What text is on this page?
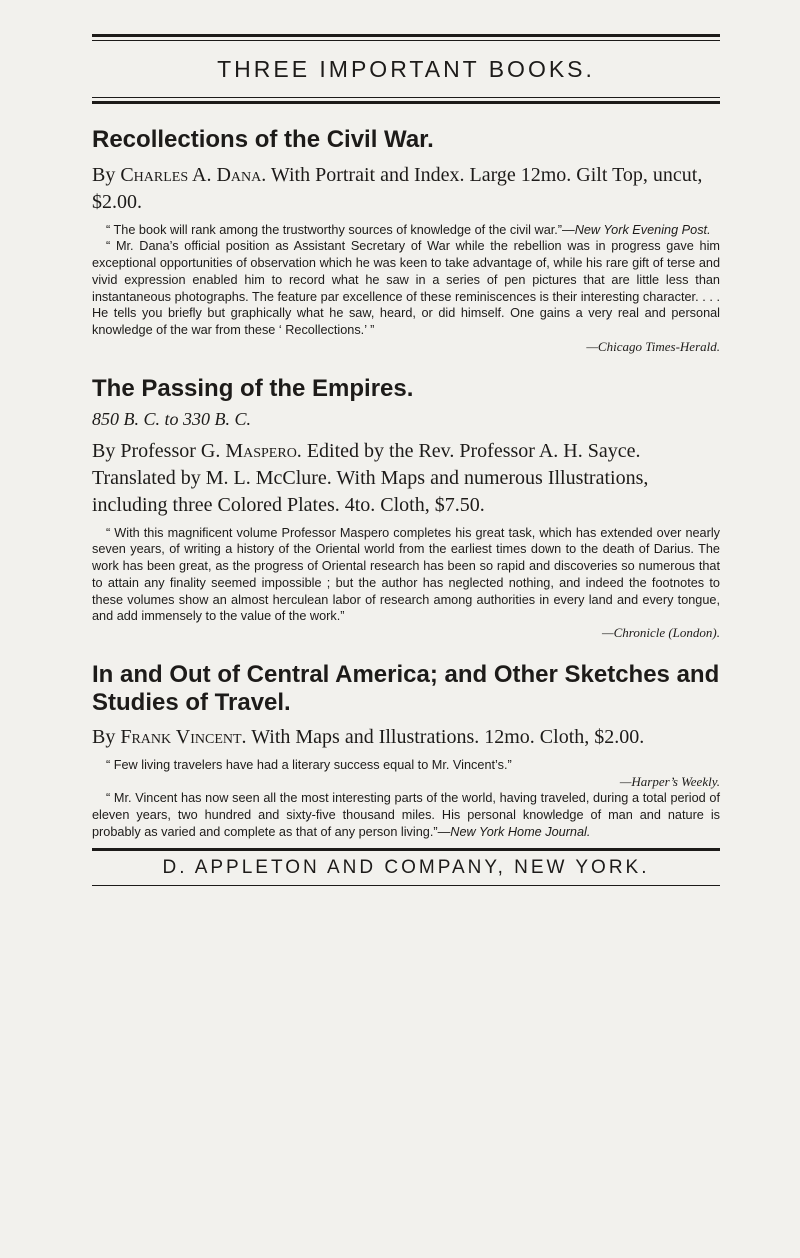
THREE IMPORTANT BOOKS.
Recollections of the Civil War.
By Charles A. Dana. With Portrait and Index. Large 12mo. Gilt Top, uncut, $2.00.

“ The book will rank among the trustworthy sources of knowledge of the civil war.”—New York Evening Post.

“ Mr. Dana’s official position as Assistant Secretary of War while the rebellion was in progress gave him exceptional opportunities of observation which he was keen to take advantage of, while his rare gift of terse and vivid expression enabled him to record what he saw in a series of pen pictures that are little less than instantaneous photographs. The feature par excellence of these reminiscences is their interesting character. . . . He tells you briefly but graphically what he saw, heard, or did himself. One gains a very real and personal knowledge of the war from these ‘ Recollections.’ ”

—Chicago Times-Herald.
The Passing of the Empires.
850 B. C. to 330 B. C.
By Professor G. Maspero. Edited by the Rev. Professor A. H. Sayce. Translated by M. L. McClure. With Maps and numerous Illustrations, including three Colored Plates. 4to. Cloth, $7.50.

“ With this magnificent volume Professor Maspero completes his great task, which has extended over nearly seven years, of writing a history of the Oriental world from the earliest times down to the death of Darius. The work has been great, as the progress of Oriental research has been so rapid and discoveries so numerous that to attain any finality seemed impossible ; but the author has neglected nothing, and indeed the footnotes to these volumes show an almost herculean labor of research among authorities in every land and every tongue, and add immensely to the value of the work.”

—Chronicle (London).
In and Out of Central America; and Other Sketches and Studies of Travel.
By Frank Vincent. With Maps and Illustrations. 12mo. Cloth, $2.00.

“ Few living travelers have had a literary success equal to Mr. Vincent’s.”

—Harper’s Weekly.

“ Mr. Vincent has now seen all the most interesting parts of the world, having traveled, during a total period of eleven years, two hundred and sixty-five thousand miles. His personal knowledge of man and nature is probably as varied and complete as that of any person living.”—New York Home Journal.

D. APPLETON AND COMPANY, NEW YORK.
